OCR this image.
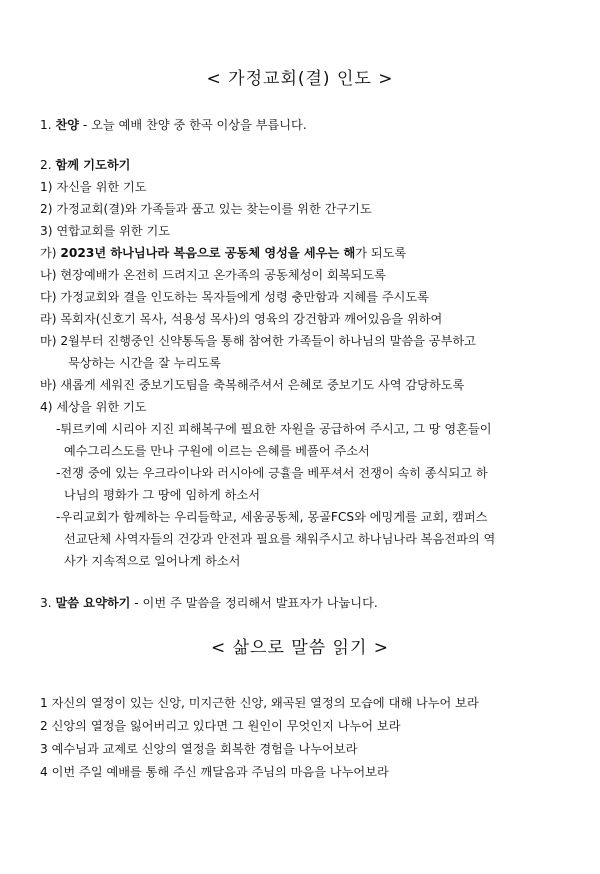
< 가정교회(결) 인도 >
1. 찬양 - 오늘 예배 찬양 중 한곡 이상을 부릅니다.
2. 함께 기도하기
1) 자신을 위한 기도
2) 가정교회(결)와 가족들과 품고 있는 찾는이를 위한 간구기도
3) 연합교회를 위한 기도
가) 2023년 하나님나라 복음으로 공동체 영성을 세우는 해가 되도록
나) 현장예배가 온전히 드려지고 온가족의 공동체성이 회복되도록
다) 가정교회와 결을 인도하는 목자들에게 성령 충만함과 지혜를 주시도록
라) 목회자(신호기 목사, 석용성 목사)의 영육의 강건함과 깨어있음을 위하여
마) 2월부터 진행중인 신약통독을 통해 참여한 가족들이 하나님의 말씀을 공부하고
묵상하는 시간을 잘 누리도록
바) 새롭게 세워진 중보기도팀을 축복해주셔서 은혜로 중보기도 사역 감당하도록
4) 세상을 위한 기도
-튀르키예 시리아 지진 피해복구에 필요한 자원을 공급하여 주시고, 그 땅 영혼들이
예수그리스도를 만나 구원에 이르는 은혜를 베풀어 주소서
-전쟁 중에 있는 우크라이나와 러시아에 긍휼을 베푸셔서 전쟁이 속히 종식되고 하
나님의 평화가 그 땅에 임하게 하소서
-우리교회가 함께하는 우리들학교, 세움공동체, 몽골FCS와 에밍게를 교회, 캠퍼스
선교단체 사역자들의 건강과 안전과 필요를 채워주시고 하나님나라 복음전파의 역
사가 지속적으로 일어나게 하소서
3. 말씀 요약하기 - 이번 주 말씀을 정리해서 발표자가 나눕니다.
< 삶으로 말씀 읽기 >
1 자신의 열정이 있는 신앙, 미지근한 신앙, 왜곡된 열정의 모습에 대해 나누어 보라
2 신앙의 열정을 잃어버리고 있다면 그 원인이 무엇인지 나누어 보라
3 예수님과 교제로 신앙의 열정을 회복한 경험을 나누어보라
4 이번 주일 예배를 통해 주신 깨달음과 주님의 마음을 나누어보라
